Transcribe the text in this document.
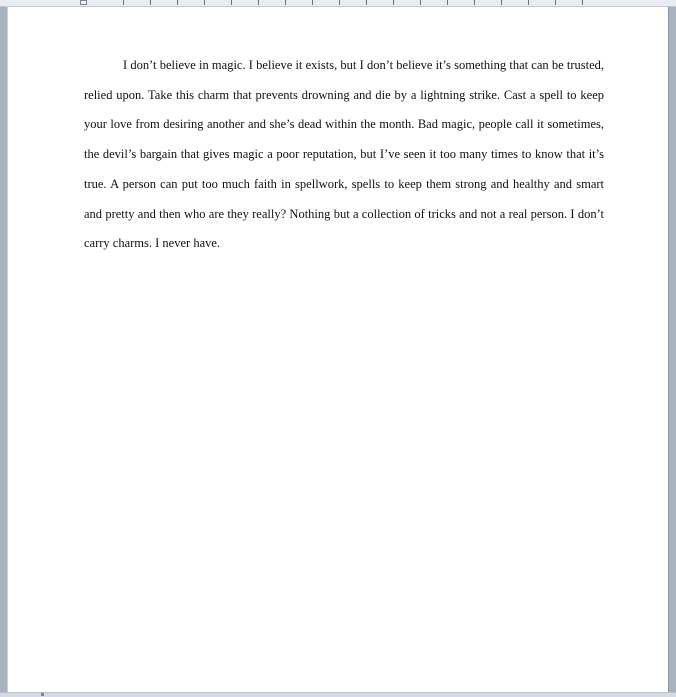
I don’t believe in magic. I believe it exists, but I don’t believe it’s something that can be trusted, relied upon. Take this charm that prevents drowning and die by a lightning strike. Cast a spell to keep your love from desiring another and she’s dead within the month. Bad magic, people call it sometimes, the devil’s bargain that gives magic a poor reputation, but I’ve seen it too many times to know that it’s true. A person can put too much faith in spellwork, spells to keep them strong and healthy and smart and pretty and then who are they really? Nothing but a collection of tricks and not a real person. I don’t carry charms. I never have.
